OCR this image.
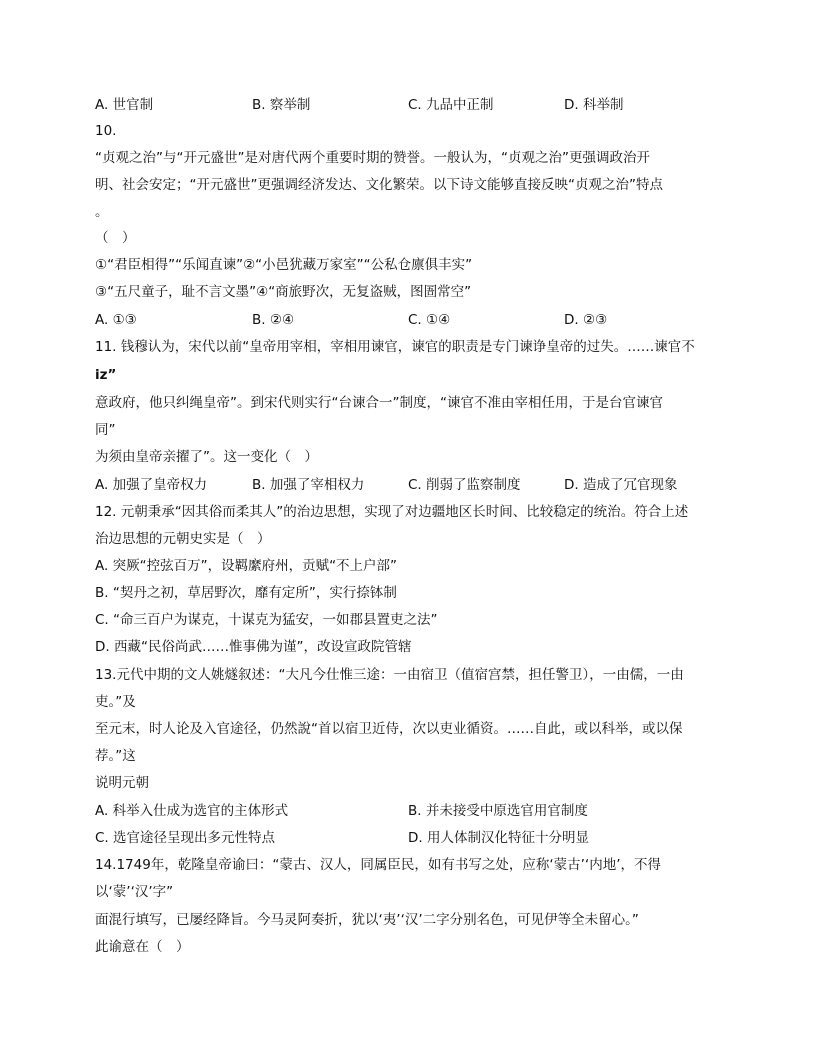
A. 世官制	B. 察举制	C. 九品中正制	D. 科举制
10.
“贞观之治”与“开元盛世”是对唐代两个重要时期的赞誉。一般认为，“贞观之治”更强调政治开
明、社会安定；“开元盛世”更强调经济发达、文化繁荣。以下诗文能够直接反映“贞观之治”特点
。
（　）
①“君臣相得”“乐闻直谏”②“小邑犹藏万家室”“公私仓廪俱丰实”
③“五尺童子，耻不言文墨”④“商旅野次，无复盗贼，图圄常空”
A. ①③	B. ②④	C. ①④	D. ②③
11. 钱穆认为，宋代以前“皇帝用宰相，宰相用谏官，谏官的职责是专门谏诤皇帝的过失。……谏官不
iz”
意政府，他只纠绳皇帝”。到宋代则实行“台谏合一”制度，“谏官不准由宰相任用，于是台官谏官
同”
为须由皇帝亲擢了”。这一变化（　）
A. 加强了皇帝权力	B. 加强了宰相权力	C. 削弱了监察制度	D. 造成了冗官现象
12. 元朝秉承“因其俗而柔其人”的治边思想，实现了对边疆地区长时间、比较稳定的统治。符合上述
治边思想的元朝史实是（　）
A. 突厥“控弦百万”，设羁縻府州，贡赋“不上户部”
B. “契丹之初，草居野次，靡有定所”，实行捺钵制
C. “命三百户为谋克，十谋克为猛安，一如郡县置吏之法”
D. 西藏“民俗尚武……惟事佛为谨”，改设宣政院管辖
13.元代中期的文人姚燧叙述：“大凡今仕惟三途：一由宿卫（值宿宫禁，担任警卫），一由儒，一由
吏。”及
至元末，时人论及入官途径，仍然說“首以宿卫近侍，次以吏业循资。……自此，或以科举，或以保
荐。”这
说明元朝
A. 科举入仕成为选官的主体形式	B. 并未接受中原选官用官制度
C. 选官途径呈现出多元性特点	D. 用人体制汉化特征十分明显
14.1749年，乾隆皇帝谕曰：“蒙古、汉人，同属臣民，如有书写之处，应称‘蒙古’‘内地’，不得
以‘蒙’‘汉’字”
面混行填写，已屡经降旨。今马灵阿奏折，犹以‘夷’‘汉’二字分别名色，可见伊等全未留心。”
此谕意在（　）
